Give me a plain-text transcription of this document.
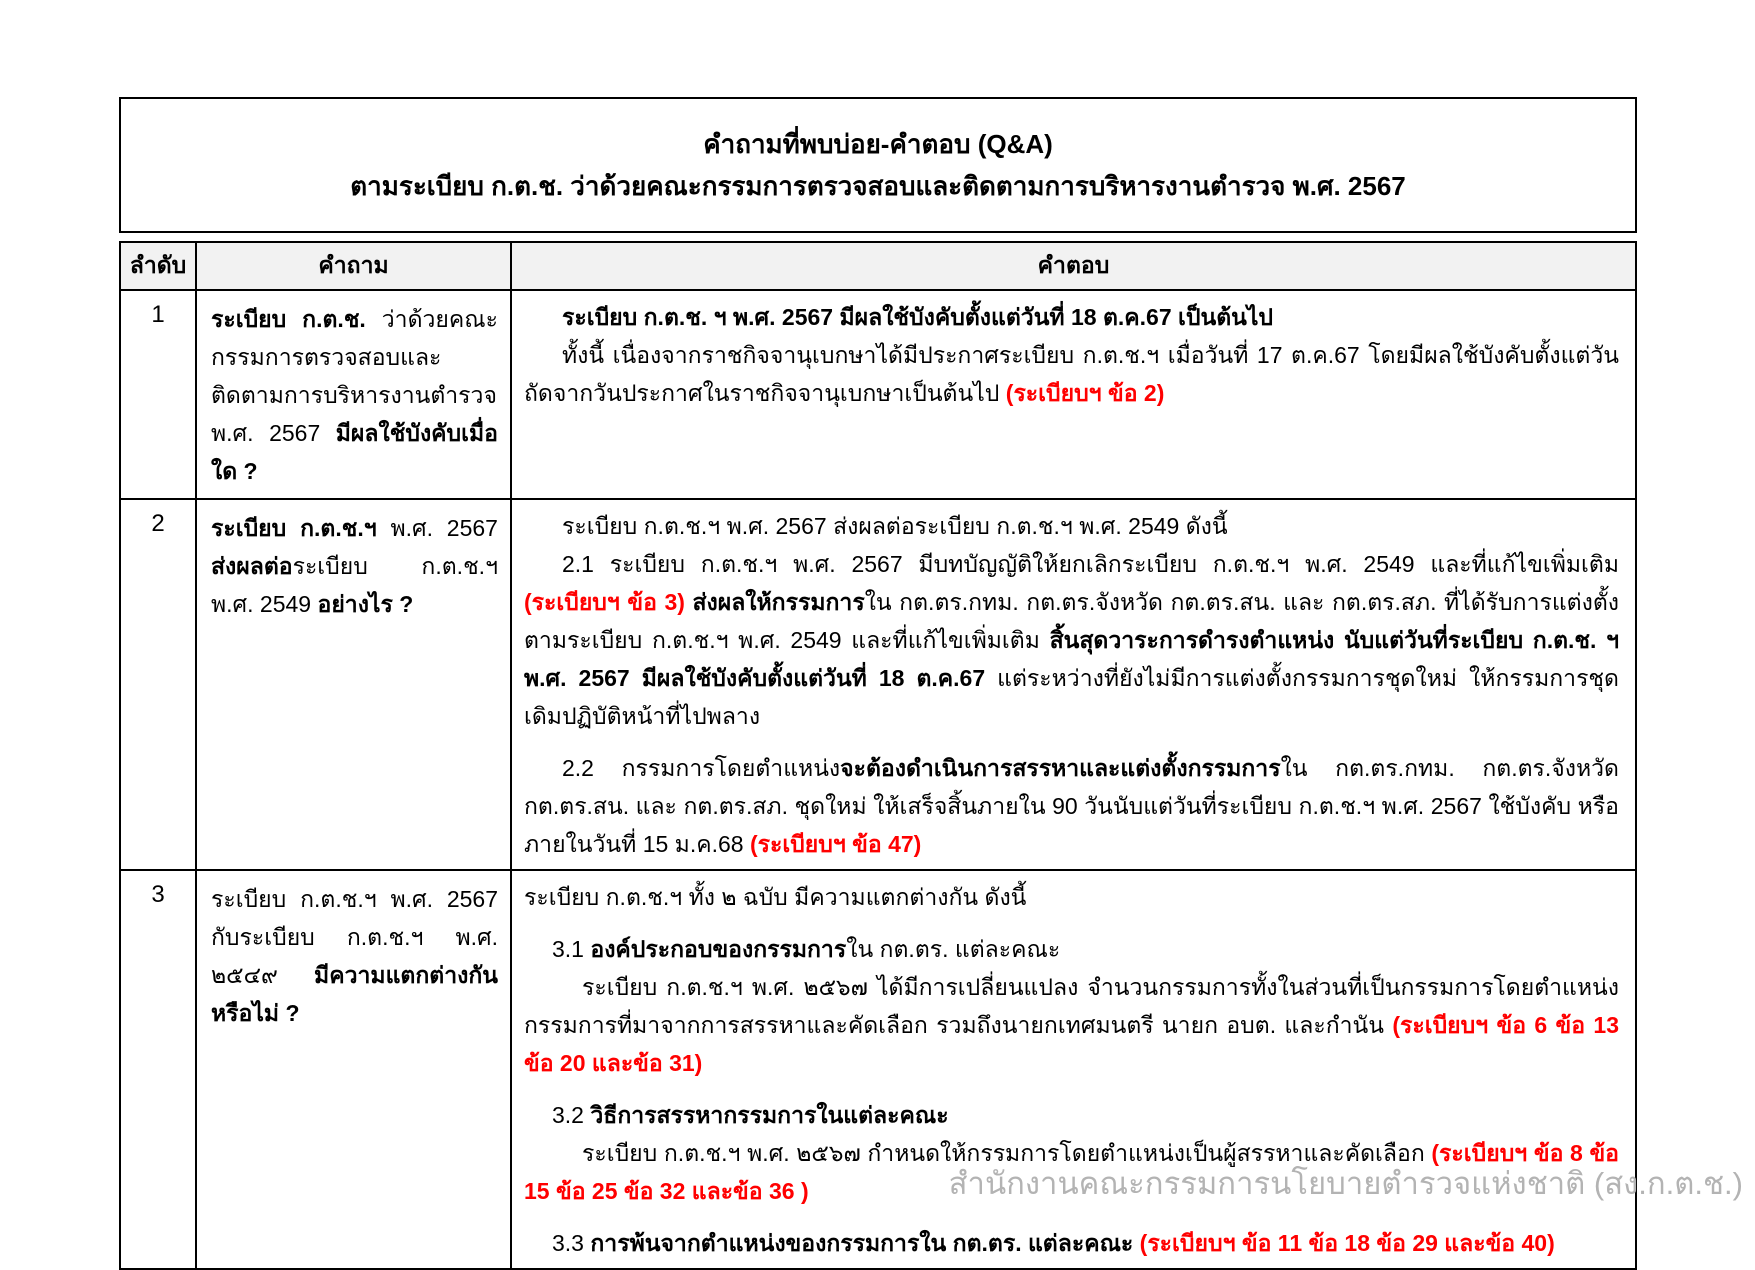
คำถามที่พบบ่อย-คำตอบ (Q&A)
ตามระเบียบ ก.ต.ช. ว่าด้วยคณะกรรมการตรวจสอบและติดตามการบริหารงานตำรวจ พ.ศ. 2567
ลำดับ	คำถาม	คำตอบ
1	ระเบียบ ก.ต.ช. ว่าด้วยคณะกรรมการตรวจสอบและติดตามการบริหารงานตำรวจ พ.ศ. 2567 มีผลใช้บังคับเมื่อใด ?	ระเบียบ ก.ต.ช. ฯ พ.ศ. 2567 มีผลใช้บังคับตั้งแต่วันที่ 18 ต.ค.67 เป็นต้นไป
ทั้งนี้ เนื่องจากราชกิจจานุเบกษาได้มีประกาศระเบียบ ก.ต.ช.ฯ เมื่อวันที่ 17 ต.ค.67 โดยมีผลใช้บังคับตั้งแต่วันถัดจากวันประกาศในราชกิจจานุเบกษาเป็นต้นไป (ระเบียบฯ ข้อ 2)

2	ระเบียบ ก.ต.ช.ฯ พ.ศ. 2567 ส่งผลต่อระเบียบ ก.ต.ช.ฯ พ.ศ. 2549 อย่างไร ?	ระเบียบ ก.ต.ช.ฯ พ.ศ. 2567 ส่งผลต่อระเบียบ ก.ต.ช.ฯ พ.ศ. 2549 ดังนี้
2.1 ระเบียบ ก.ต.ช.ฯ พ.ศ. 2567 มีบทบัญญัติให้ยกเลิกระเบียบ ก.ต.ช.ฯ พ.ศ. 2549 และที่แก้ไขเพิ่มเติม (ระเบียบฯ ข้อ 3) ส่งผลให้กรรมการใน กต.ตร.กทม. กต.ตร.จังหวัด กต.ตร.สน. และ กต.ตร.สภ. ที่ได้รับการแต่งตั้งตามระเบียบ ก.ต.ช.ฯ พ.ศ. 2549 และที่แก้ไขเพิ่มเติม สิ้นสุดวาระการดำรงตำแหน่ง นับแต่วันที่ระเบียบ ก.ต.ช. ฯ พ.ศ. 2567 มีผลใช้บังคับตั้งแต่วันที่ 18 ต.ค.67 แต่ระหว่างที่ยังไม่มีการแต่งตั้งกรรมการชุดใหม่ ให้กรรมการชุดเดิมปฏิบัติหน้าที่ไปพลาง
2.2 กรรมการโดยตำแหน่งจะต้องดำเนินการสรรหาและแต่งตั้งกรรมการใน กต.ตร.กทม. กต.ตร.จังหวัด กต.ตร.สน. และ กต.ตร.สภ. ชุดใหม่ ให้เสร็จสิ้นภายใน 90 วันนับแต่วันที่ระเบียบ ก.ต.ช.ฯ พ.ศ. 2567 ใช้บังคับ หรือภายในวันที่ 15 ม.ค.68 (ระเบียบฯ ข้อ 47)

3	ระเบียบ ก.ต.ช.ฯ พ.ศ. 2567 กับระเบียบ ก.ต.ช.ฯ พ.ศ. ๒๕๔๙ มีความแตกต่างกัน หรือไม่ ?

ระเบียบ ก.ต.ช.ฯ ทั้ง ๒ ฉบับ มีความแตกต่างกัน ดังนี้
3.1 องค์ประกอบของกรรมการใน กต.ตร. แต่ละคณะ
ระเบียบ ก.ต.ช.ฯ พ.ศ. ๒๕๖๗ ได้มีการเปลี่ยนแปลง จำนวนกรรมการทั้งในส่วนที่เป็นกรรมการโดยตำแหน่ง กรรมการที่มาจากการสรรหาและคัดเลือก รวมถึงนายกเทศมนตรี นายก อบต. และกำนัน (ระเบียบฯ ข้อ 6 ข้อ 13 ข้อ 20 และข้อ 31)
3.2 วิธีการสรรหากรรมการในแต่ละคณะ
ระเบียบ ก.ต.ช.ฯ พ.ศ. ๒๕๖๗ กำหนดให้กรรมการโดยตำแหน่งเป็นผู้สรรหาและคัดเลือก (ระเบียบฯ ข้อ 8 ข้อ 15 ข้อ 25 ข้อ 32 และข้อ 36 )
3.3 การพ้นจากตำแหน่งของกรรมการใน กต.ตร. แต่ละคณะ (ระเบียบฯ ข้อ 11 ข้อ 18 ข้อ 29 และข้อ 40)
สำนักงานคณะกรรมการนโยบายตำรวจแห่งชาติ (สง.ก.ต.ช.)
